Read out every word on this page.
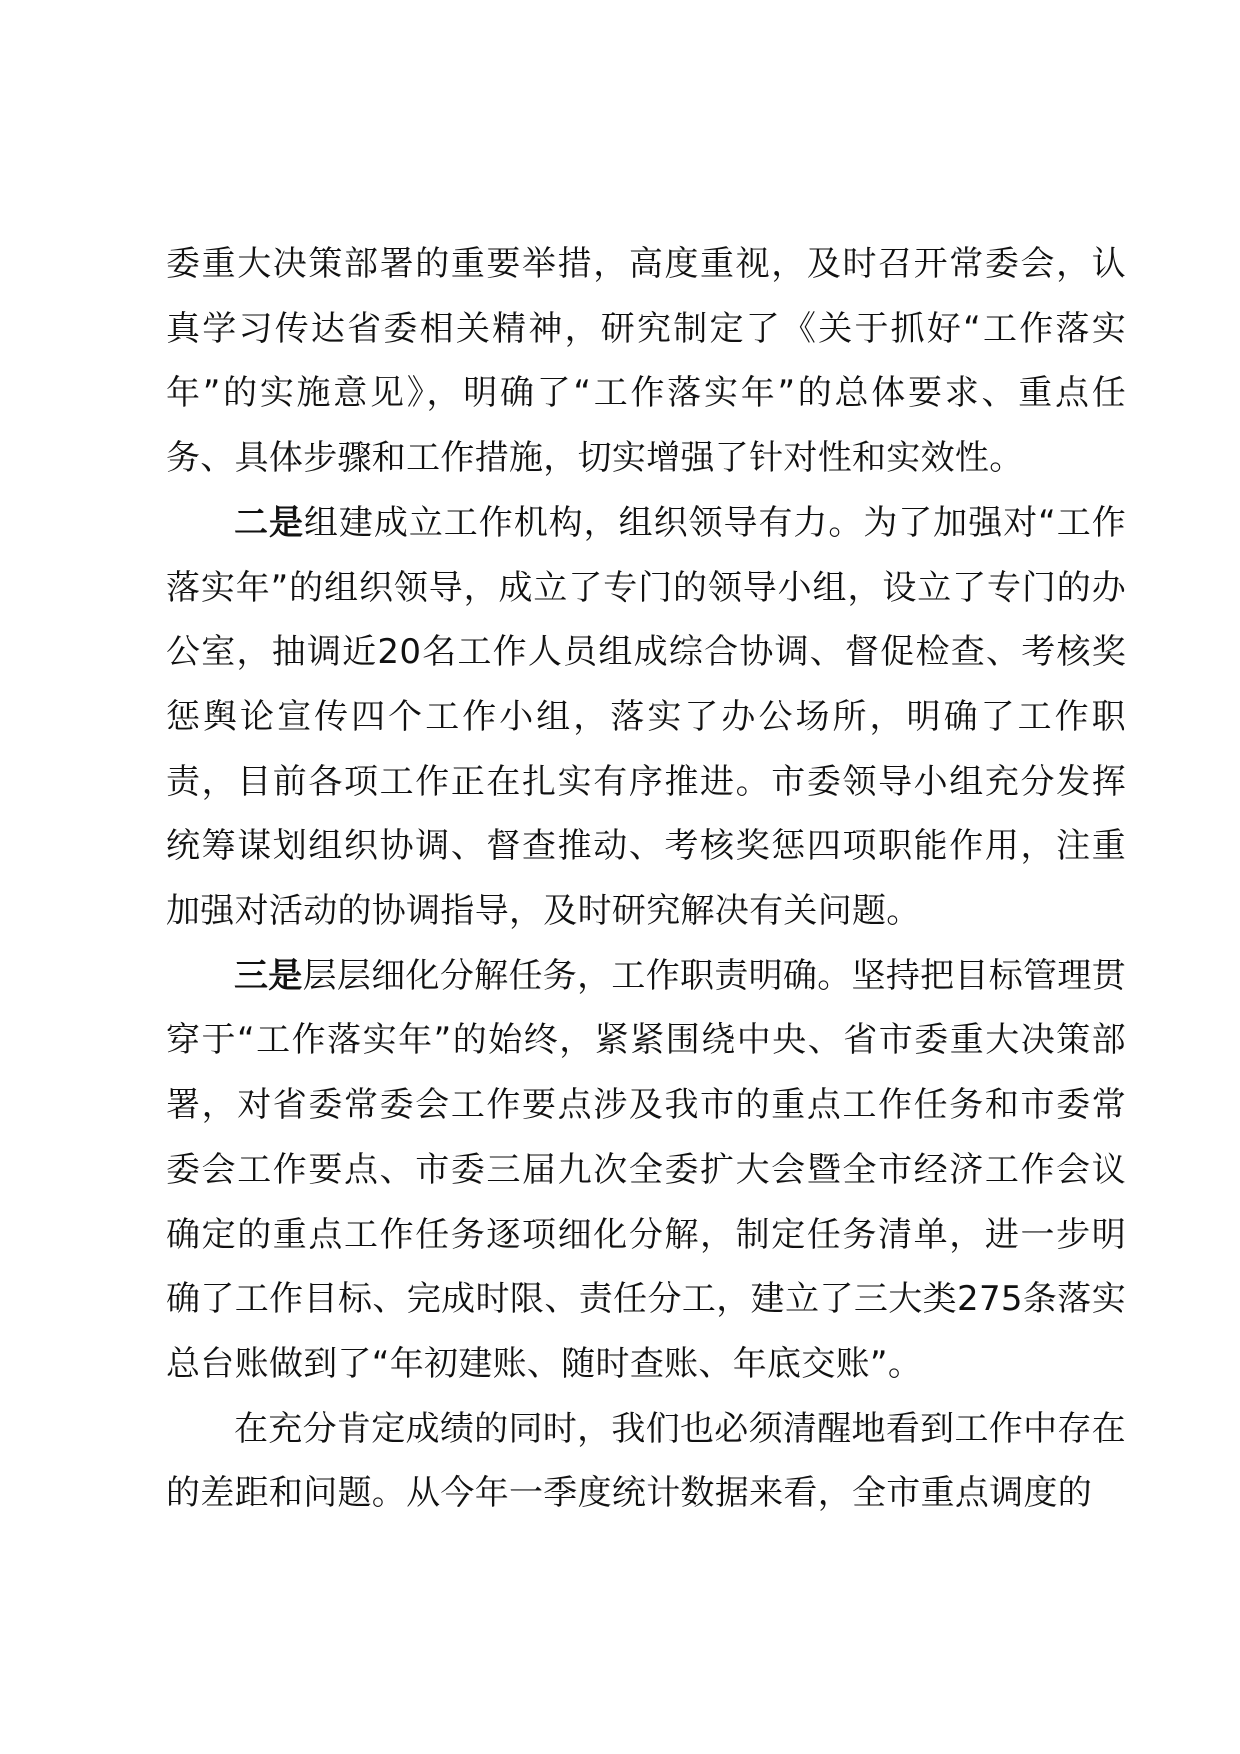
委重大决策部署的重要举措，高度重视，及时召开常委会，认真学习传达省委相关精神，研究制定了《关于抓好“工作落实年”的实施意见》，明确了“工作落实年”的总体要求、重点任务、具体步骤和工作措施，切实增强了针对性和实效性。

二是组建成立工作机构，组织领导有力。为了加强对“工作落实年”的组织领导，成立了专门的领导小组，设立了专门的办公室，抽调近20名工作人员组成综合协调、督促检查、考核奖惩舆论宣传四个工作小组，落实了办公场所，明确了工作职责，目前各项工作正在扎实有序推进。市委领导小组充分发挥统筹谋划组织协调、督查推动、考核奖惩四项职能作用，注重加强对活动的协调指导，及时研究解决有关问题。

三是层层细化分解任务，工作职责明确。坚持把目标管理贯穿于“工作落实年”的始终，紧紧围绕中央、省市委重大决策部署，对省委常委会工作要点涉及我市的重点工作任务和市委常委会工作要点、市委三届九次全委扩大会暨全市经济工作会议确定的重点工作任务逐项细化分解，制定任务清单，进一步明确了工作目标、完成时限、责任分工，建立了三大类275条落实总台账做到了“年初建账、随时查账、年底交账”。

在充分肯定成绩的同时，我们也必须清醒地看到工作中存在的差距和问题。从今年一季度统计数据来看，全市重点调度的
